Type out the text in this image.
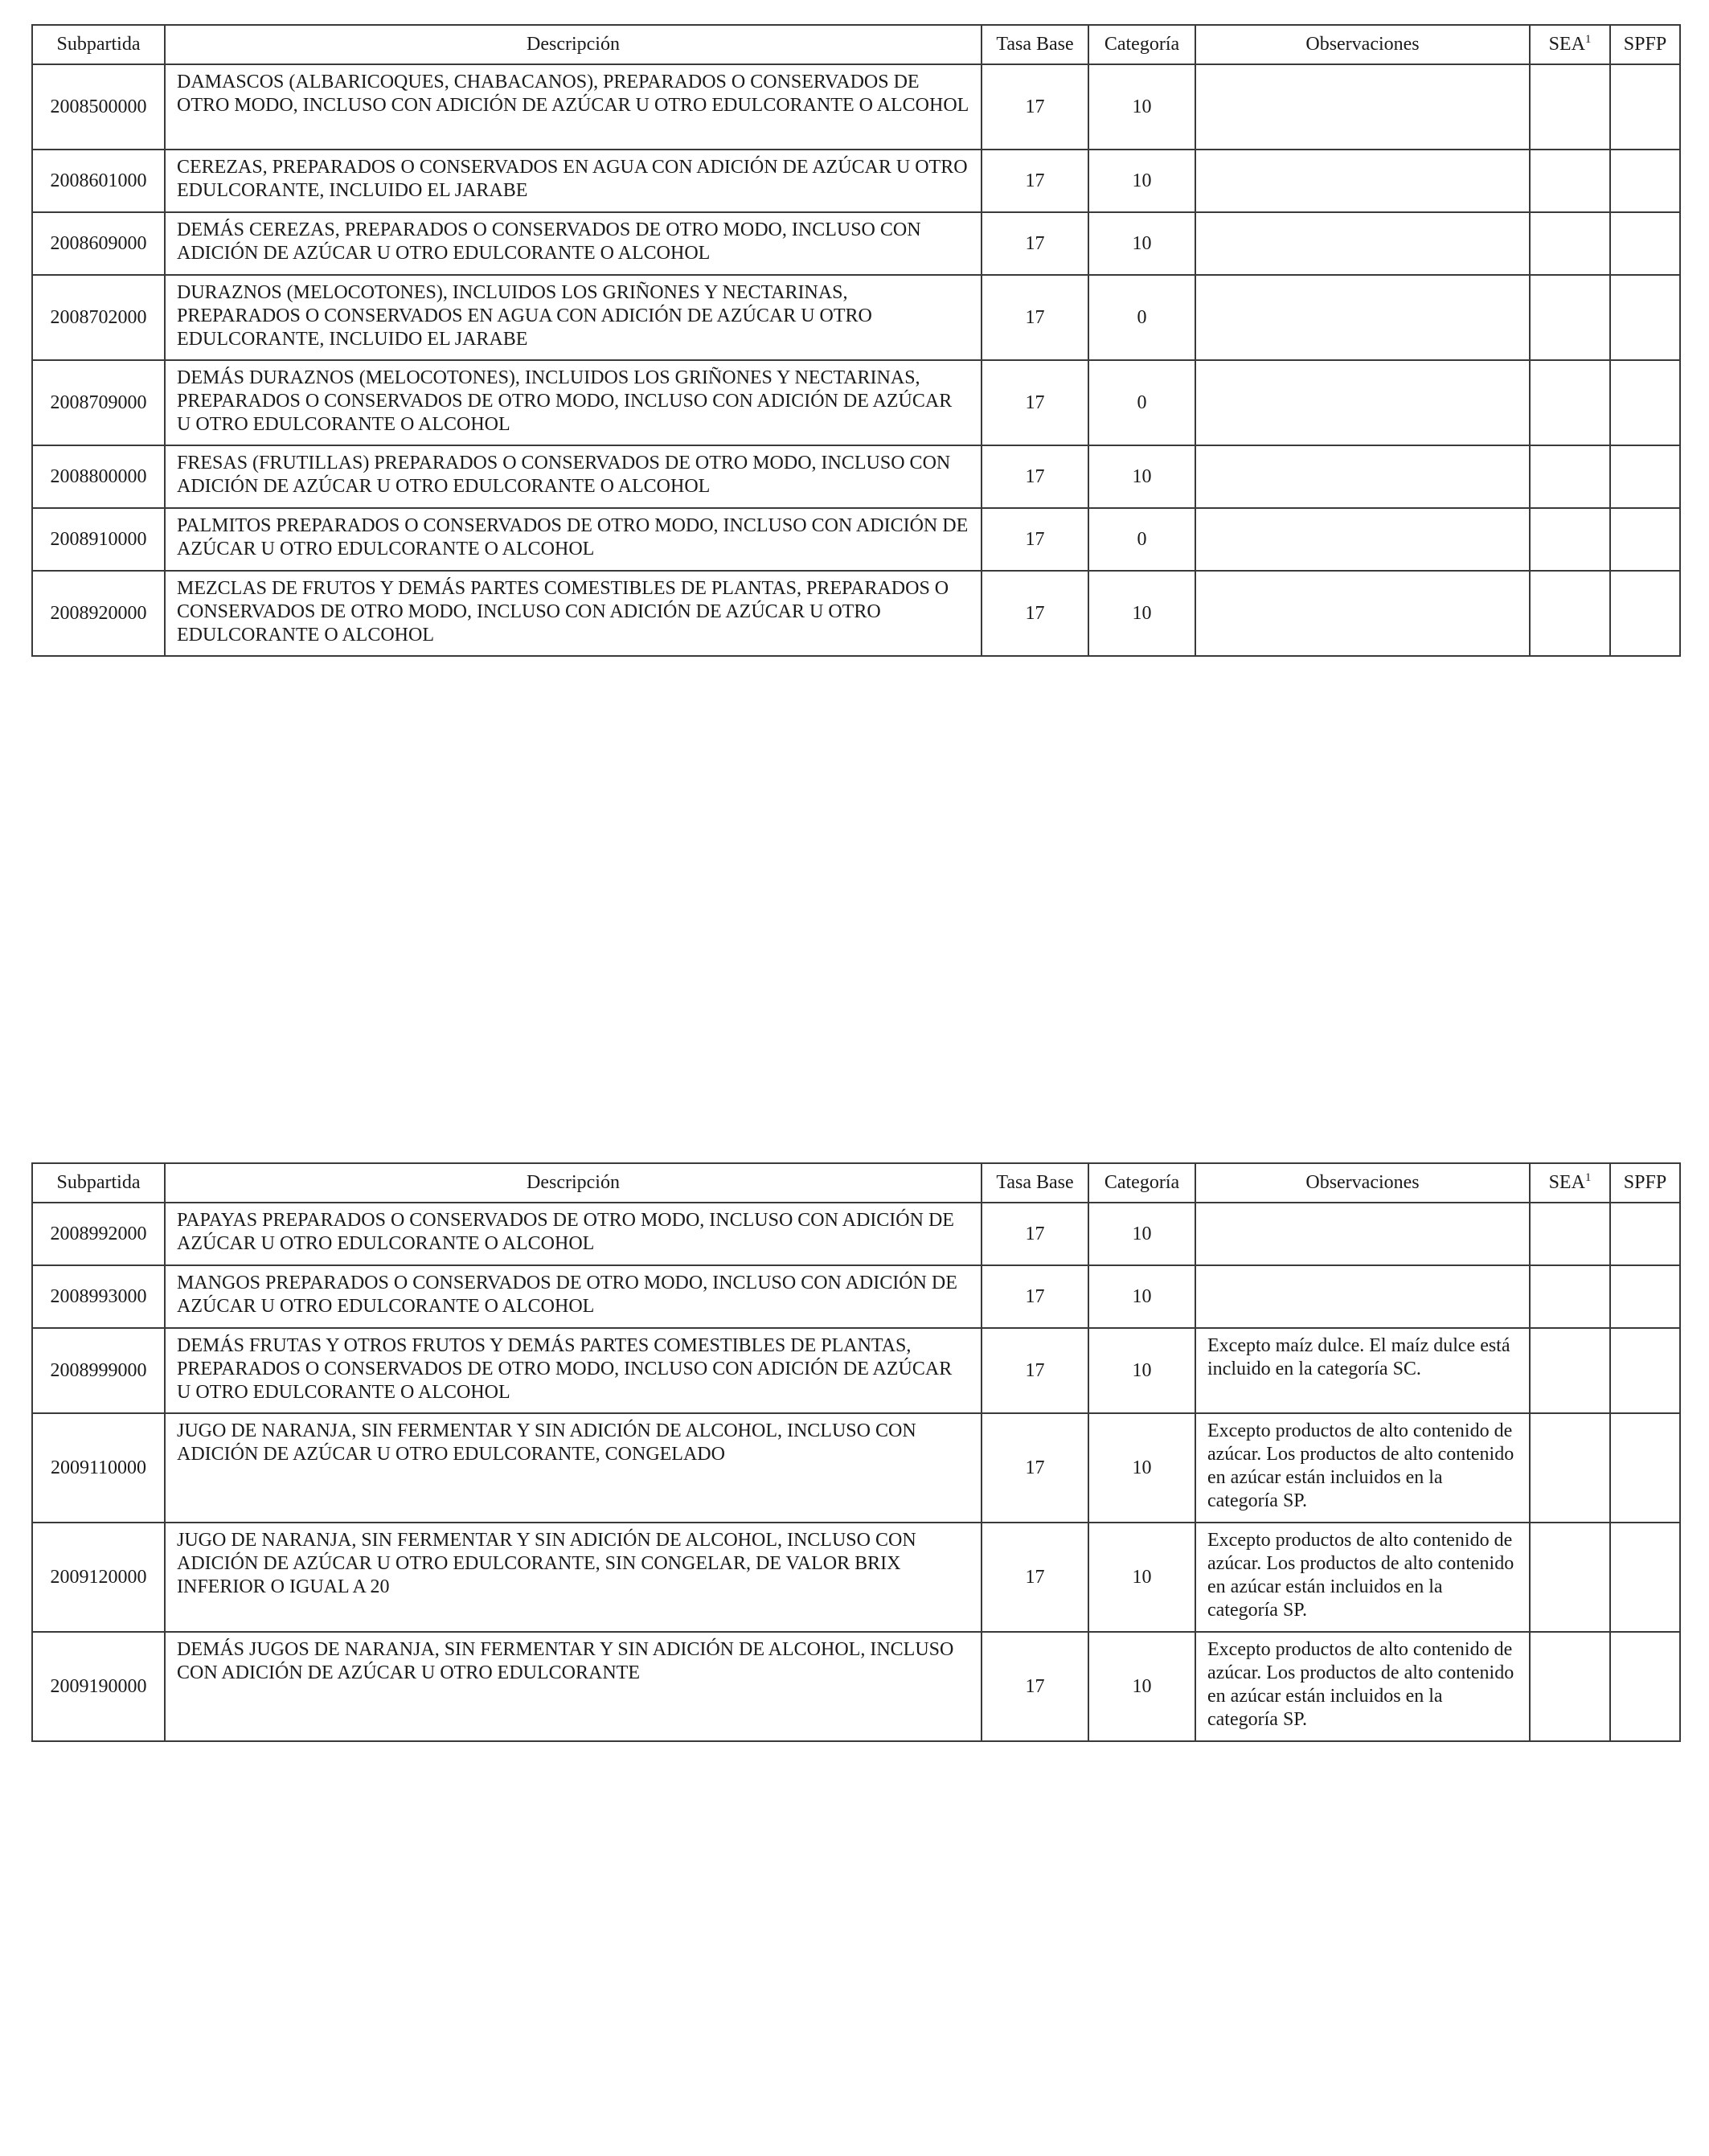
Subpartida	Descripción	Tasa Base	Categoría	Observaciones	SEA$^1$	SPFP
2008500000	DAMASCOS (ALBARICOQUES, CHABACANOS), PREPARADOS O CONSERVADOS DE OTRO MODO, INCLUSO CON ADICIÓN DE AZÚCAR U OTRO EDULCORANTE O ALCOHOL	17	10			
2008601000	CEREZAS, PREPARADOS O CONSERVADOS EN AGUA CON ADICIÓN DE AZÚCAR U OTRO EDULCORANTE, INCLUIDO EL JARABE	17	10			
2008609000	DEMÁS CEREZAS, PREPARADOS O CONSERVADOS DE OTRO MODO, INCLUSO CON ADICIÓN DE AZÚCAR U OTRO EDULCORANTE O ALCOHOL	17	10			
2008702000	DURAZNOS (MELOCOTONES), INCLUIDOS LOS GRIÑONES Y NECTARINAS, PREPARADOS O CONSERVADOS EN AGUA CON ADICIÓN DE AZÚCAR U OTRO EDULCORANTE, INCLUIDO EL JARABE	17	0			
2008709000	DEMÁS DURAZNOS (MELOCOTONES), INCLUIDOS LOS GRIÑONES Y NECTARINAS, PREPARADOS O CONSERVADOS DE OTRO MODO, INCLUSO CON ADICIÓN DE AZÚCAR U OTRO EDULCORANTE O ALCOHOL	17	0			
2008800000	FRESAS (FRUTILLAS) PREPARADOS O CONSERVADOS DE OTRO MODO, INCLUSO CON ADICIÓN DE AZÚCAR U OTRO EDULCORANTE O ALCOHOL	17	10			
2008910000	PALMITOS PREPARADOS O CONSERVADOS DE OTRO MODO, INCLUSO CON ADICIÓN DE AZÚCAR U OTRO EDULCORANTE O ALCOHOL	17	0			
2008920000	MEZCLAS DE FRUTOS Y DEMÁS PARTES COMESTIBLES DE PLANTAS, PREPARADOS O CONSERVADOS DE OTRO MODO, INCLUSO CON ADICIÓN DE AZÚCAR U OTRO EDULCORANTE O ALCOHOL	17	10			
Subpartida	Descripción	Tasa Base	Categoría	Observaciones	SEA$^1$	SPFP
2008992000	PAPAYAS PREPARADOS O CONSERVADOS DE OTRO MODO, INCLUSO CON ADICIÓN DE AZÚCAR U OTRO EDULCORANTE O ALCOHOL	17	10			
2008993000	MANGOS PREPARADOS O CONSERVADOS DE OTRO MODO, INCLUSO CON ADICIÓN DE AZÚCAR U OTRO EDULCORANTE O ALCOHOL	17	10			
2008999000	DEMÁS FRUTAS Y OTROS FRUTOS Y DEMÁS PARTES COMESTIBLES DE PLANTAS, PREPARADOS O CONSERVADOS DE OTRO MODO, INCLUSO CON ADICIÓN DE AZÚCAR U OTRO EDULCORANTE O ALCOHOL	17	10	Excepto maíz dulce. El maíz dulce está incluido en la categoría SC.		
2009110000	JUGO DE NARANJA, SIN FERMENTAR Y SIN ADICIÓN DE ALCOHOL, INCLUSO CON ADICIÓN DE AZÚCAR U OTRO EDULCORANTE, CONGELADO	17	10	Excepto productos de alto contenido de azúcar. Los productos de alto contenido en azúcar están incluidos en la categoría SP.		
2009120000	JUGO DE NARANJA, SIN FERMENTAR Y SIN ADICIÓN DE ALCOHOL, INCLUSO CON ADICIÓN DE AZÚCAR U OTRO EDULCORANTE, SIN CONGELAR, DE VALOR BRIX INFERIOR O IGUAL A 20	17	10	Excepto productos de alto contenido de azúcar. Los productos de alto contenido en azúcar están incluidos en la categoría SP.		
2009190000	DEMÁS JUGOS DE NARANJA, SIN FERMENTAR Y SIN ADICIÓN DE ALCOHOL, INCLUSO CON ADICIÓN DE AZÚCAR U OTRO EDULCORANTE	17	10	Excepto productos de alto contenido de azúcar. Los productos de alto contenido en azúcar están incluidos en la categoría SP.		
